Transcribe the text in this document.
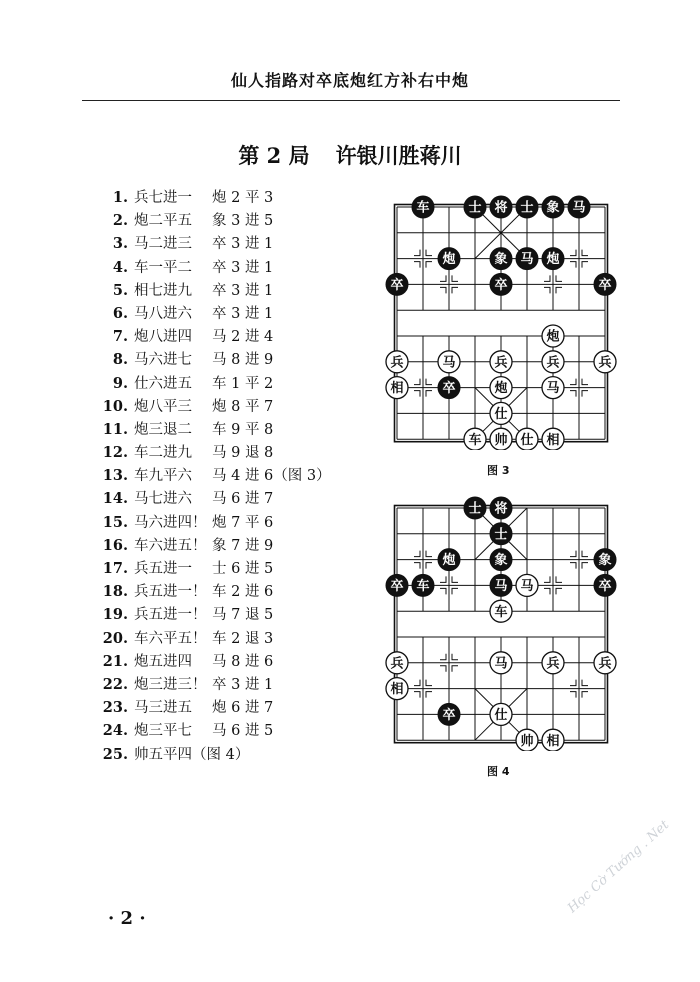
仙人指路对卒底炮红方补右中炮
第 2 局 许银川胜蒋川
1. 兵七进一 炮 2 平 3
2. 炮二平五 象 3 进 5
3. 马二进三 卒 3 进 1
4. 车一平二 卒 3 进 1
5. 相七进九 卒 3 进 1
6. 马八进六 卒 3 进 1
7. 炮八进四 马 2 进 4
8. 马六进七 马 8 进 9
9. 仕六进五 车 1 平 2
10. 炮八平三 炮 8 平 7
11. 炮三退二 车 9 平 8
12. 车二进九 马 9 退 8
13. 车九平六 马 4 进 6（图 3）
14. 马七进六 马 6 进 7
15. 马六进四！ 炮 7 平 6
16. 车六进五！ 象 7 进 9
17. 兵五进一 士 6 进 5
18. 兵五进一！ 车 2 进 6
19. 兵五进一！ 马 7 退 5
20. 车六平五！ 车 2 退 3
21. 炮五进四 马 8 进 6
22. 炮三进三！ 卒 3 进 1
23. 马三进五 炮 6 进 7
24. 炮三平七 马 6 进 5
25. 帅五平四（图 4）
车	士 将 士 象 马
炮	象 马 炮
卒	卒	卒
炮
兵	马	兵	兵	兵
相	卒	炮	马
仕
车 帅 仕 相
图 3
士 将
士
炮	象	象
卒 车	马 马	卒
车
兵	马	兵	兵
相
卒	仕
帅 相
图 4
· 2 ·
Học Cờ Tướng . Net
